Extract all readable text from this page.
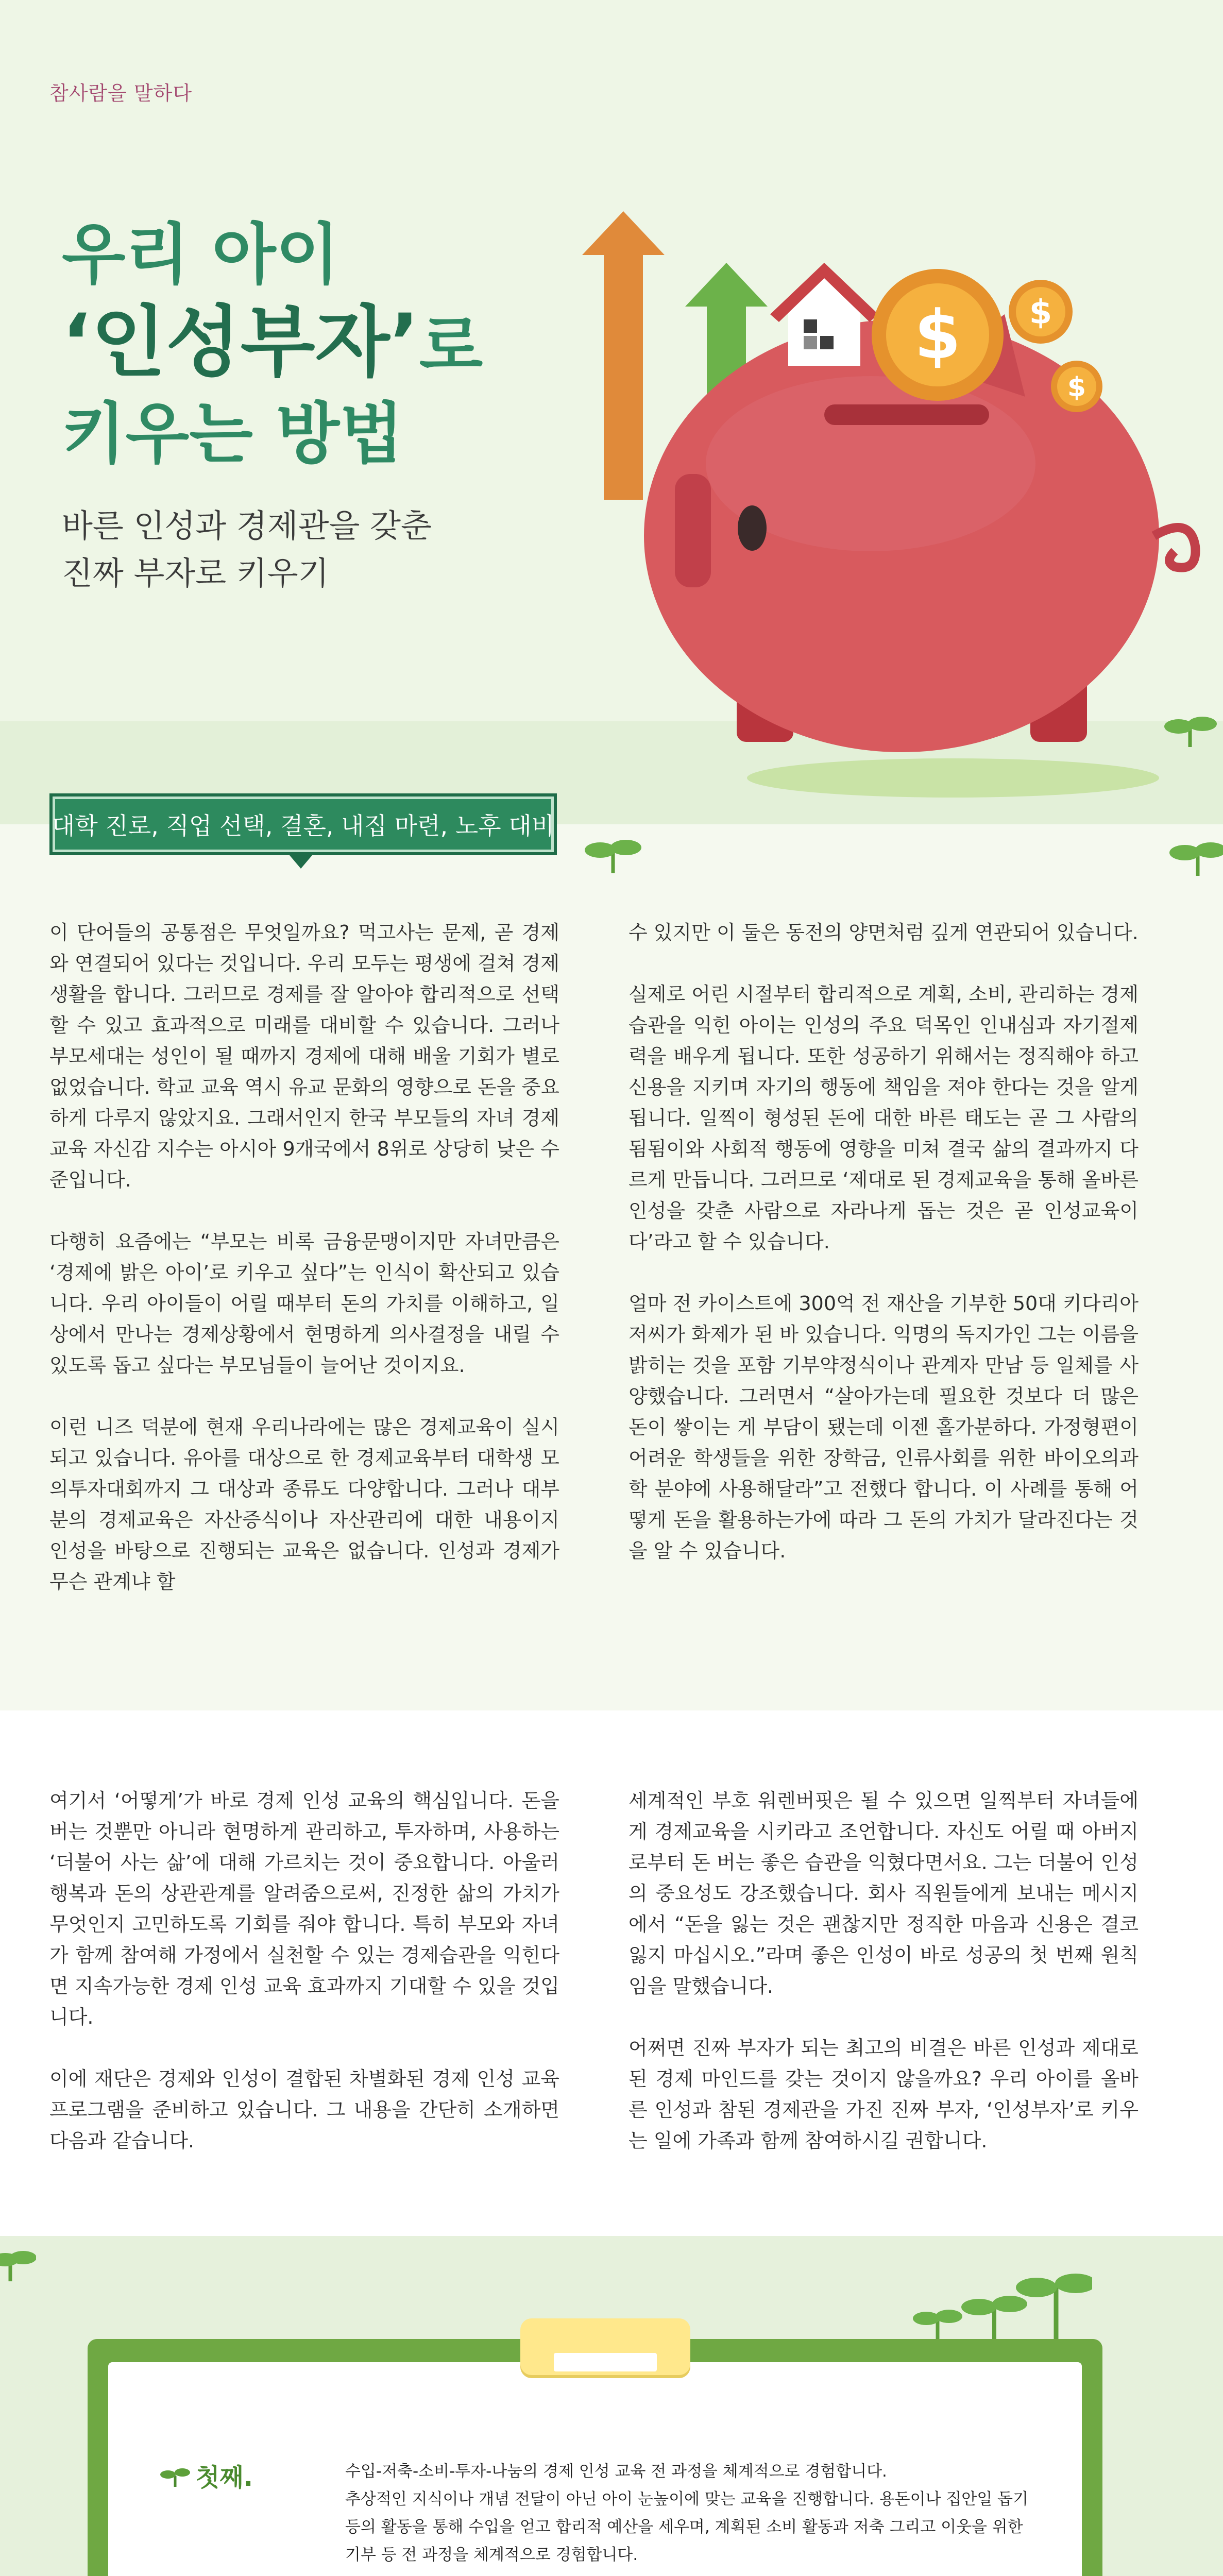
참사람을 말하다
우리 아이
‘인성부자’로
키우는 방법
바른 인성과 경제관을 갖춘
진짜 부자로 키우기
$ $
$
대학 진로, 직업 선택, 결혼, 내집 마련, 노후 대비

이 단어들의 공통점은 무엇일까요? 먹고사는 문제, 곧 경제와 연결되어 있다는 것입니다. 우리 모두는 평생에 걸쳐 경제생활을 합니다. 그러므로 경제를 잘 알아야 합리적으로 선택할 수 있고 효과적으로 미래를 대비할 수 있습니다. 그러나 부모세대는 성인이 될 때까지 경제에 대해 배울 기회가 별로 없었습니다. 학교 교육 역시 유교 문화의 영향으로 돈을 중요하게 다루지 않았지요. 그래서인지 한국 부모들의 자녀 경제교육 자신감 지수는 아시아 9개국에서 8위로 상당히 낮은 수준입니다.

다행히 요즘에는 “부모는 비록 금융문맹이지만 자녀만큼은 ‘경제에 밝은 아이’로 키우고 싶다”는 인식이 확산되고 있습니다. 우리 아이들이 어릴 때부터 돈의 가치를 이해하고, 일상에서 만나는 경제상황에서 현명하게 의사결정을 내릴 수 있도록 돕고 싶다는 부모님들이 늘어난 것이지요.

이런 니즈 덕분에 현재 우리나라에는 많은 경제교육이 실시되고 있습니다. 유아를 대상으로 한 경제교육부터 대학생 모의투자대회까지 그 대상과 종류도 다양합니다. 그러나 대부분의 경제교육은 자산증식이나 자산관리에 대한 내용이지 인성을 바탕으로 진행되는 교육은 없습니다. 인성과 경제가 무슨 관계냐 할

수 있지만 이 둘은 동전의 양면처럼 깊게 연관되어 있습니다.

실제로 어린 시절부터 합리적으로 계획, 소비, 관리하는 경제습관을 익힌 아이는 인성의 주요 덕목인 인내심과 자기절제력을 배우게 됩니다. 또한 성공하기 위해서는 정직해야 하고 신용을 지키며 자기의 행동에 책임을 져야 한다는 것을 알게 됩니다. 일찍이 형성된 돈에 대한 바른 태도는 곧 그 사람의 됨됨이와 사회적 행동에 영향을 미쳐 결국 삶의 결과까지 다르게 만듭니다. 그러므로 ‘제대로 된 경제교육을 통해 올바른 인성을 갖춘 사람으로 자라나게 돕는 것은 곧 인성교육이다’라고 할 수 있습니다.

얼마 전 카이스트에 300억 전 재산을 기부한 50대 키다리아저씨가 화제가 된 바 있습니다. 익명의 독지가인 그는 이름을 밝히는 것을 포함 기부약정식이나 관계자 만남 등 일체를 사양했습니다. 그러면서 “살아가는데 필요한 것보다 더 많은 돈이 쌓이는 게 부담이 됐는데 이젠 홀가분하다. 가정형편이 어려운 학생들을 위한 장학금, 인류사회를 위한 바이오의과학 분야에 사용해달라”고 전했다 합니다. 이 사례를 통해 어떻게 돈을 활용하는가에 따라 그 돈의 가치가 달라진다는 것을 알 수 있습니다.

여기서 ‘어떻게’가 바로 경제 인성 교육의 핵심입니다. 돈을 버는 것뿐만 아니라 현명하게 관리하고, 투자하며, 사용하는 ‘더불어 사는 삶’에 대해 가르치는 것이 중요합니다. 아울러 행복과 돈의 상관관계를 알려줌으로써, 진정한 삶의 가치가 무엇인지 고민하도록 기회를 줘야 합니다. 특히 부모와 자녀가 함께 참여해 가정에서 실천할 수 있는 경제습관을 익힌다면 지속가능한 경제 인성 교육 효과까지 기대할 수 있을 것입니다.

이에 재단은 경제와 인성이 결합된 차별화된 경제 인성 교육 프로그램을 준비하고 있습니다. 그 내용을 간단히 소개하면 다음과 같습니다.

세계적인 부호 워렌버핏은 될 수 있으면 일찍부터 자녀들에게 경제교육을 시키라고 조언합니다. 자신도 어릴 때 아버지로부터 돈 버는 좋은 습관을 익혔다면서요. 그는 더불어 인성의 중요성도 강조했습니다. 회사 직원들에게 보내는 메시지에서 “돈을 잃는 것은 괜찮지만 정직한 마음과 신용은 결코 잃지 마십시오.”라며 좋은 인성이 바로 성공의 첫 번째 원칙임을 말했습니다.

어쩌면 진짜 부자가 되는 최고의 비결은 바른 인성과 제대로 된 경제 마인드를 갖는 것이지 않을까요? 우리 아이를 올바른 인성과 참된 경제관을 가진 진짜 부자, ‘인성부자’로 키우는 일에 가족과 함께 참여하시길 권합니다.

첫째.	수입-저축-소비-투자-나눔의 경제 인성 교육 전 과정을 체계적으로 경험합니다.
추상적인 지식이나 개념 전달이 아닌 아이 눈높이에 맞는 교육을 진행합니다. 용돈이나 집안일 돕기 등의 활동을 통해 수입을 얻고 합리적 예산을 세우며, 계획된 소비 활동과 저축 그리고 이웃을 위한 기부 등 전 과정을 체계적으로 경험합니다.
